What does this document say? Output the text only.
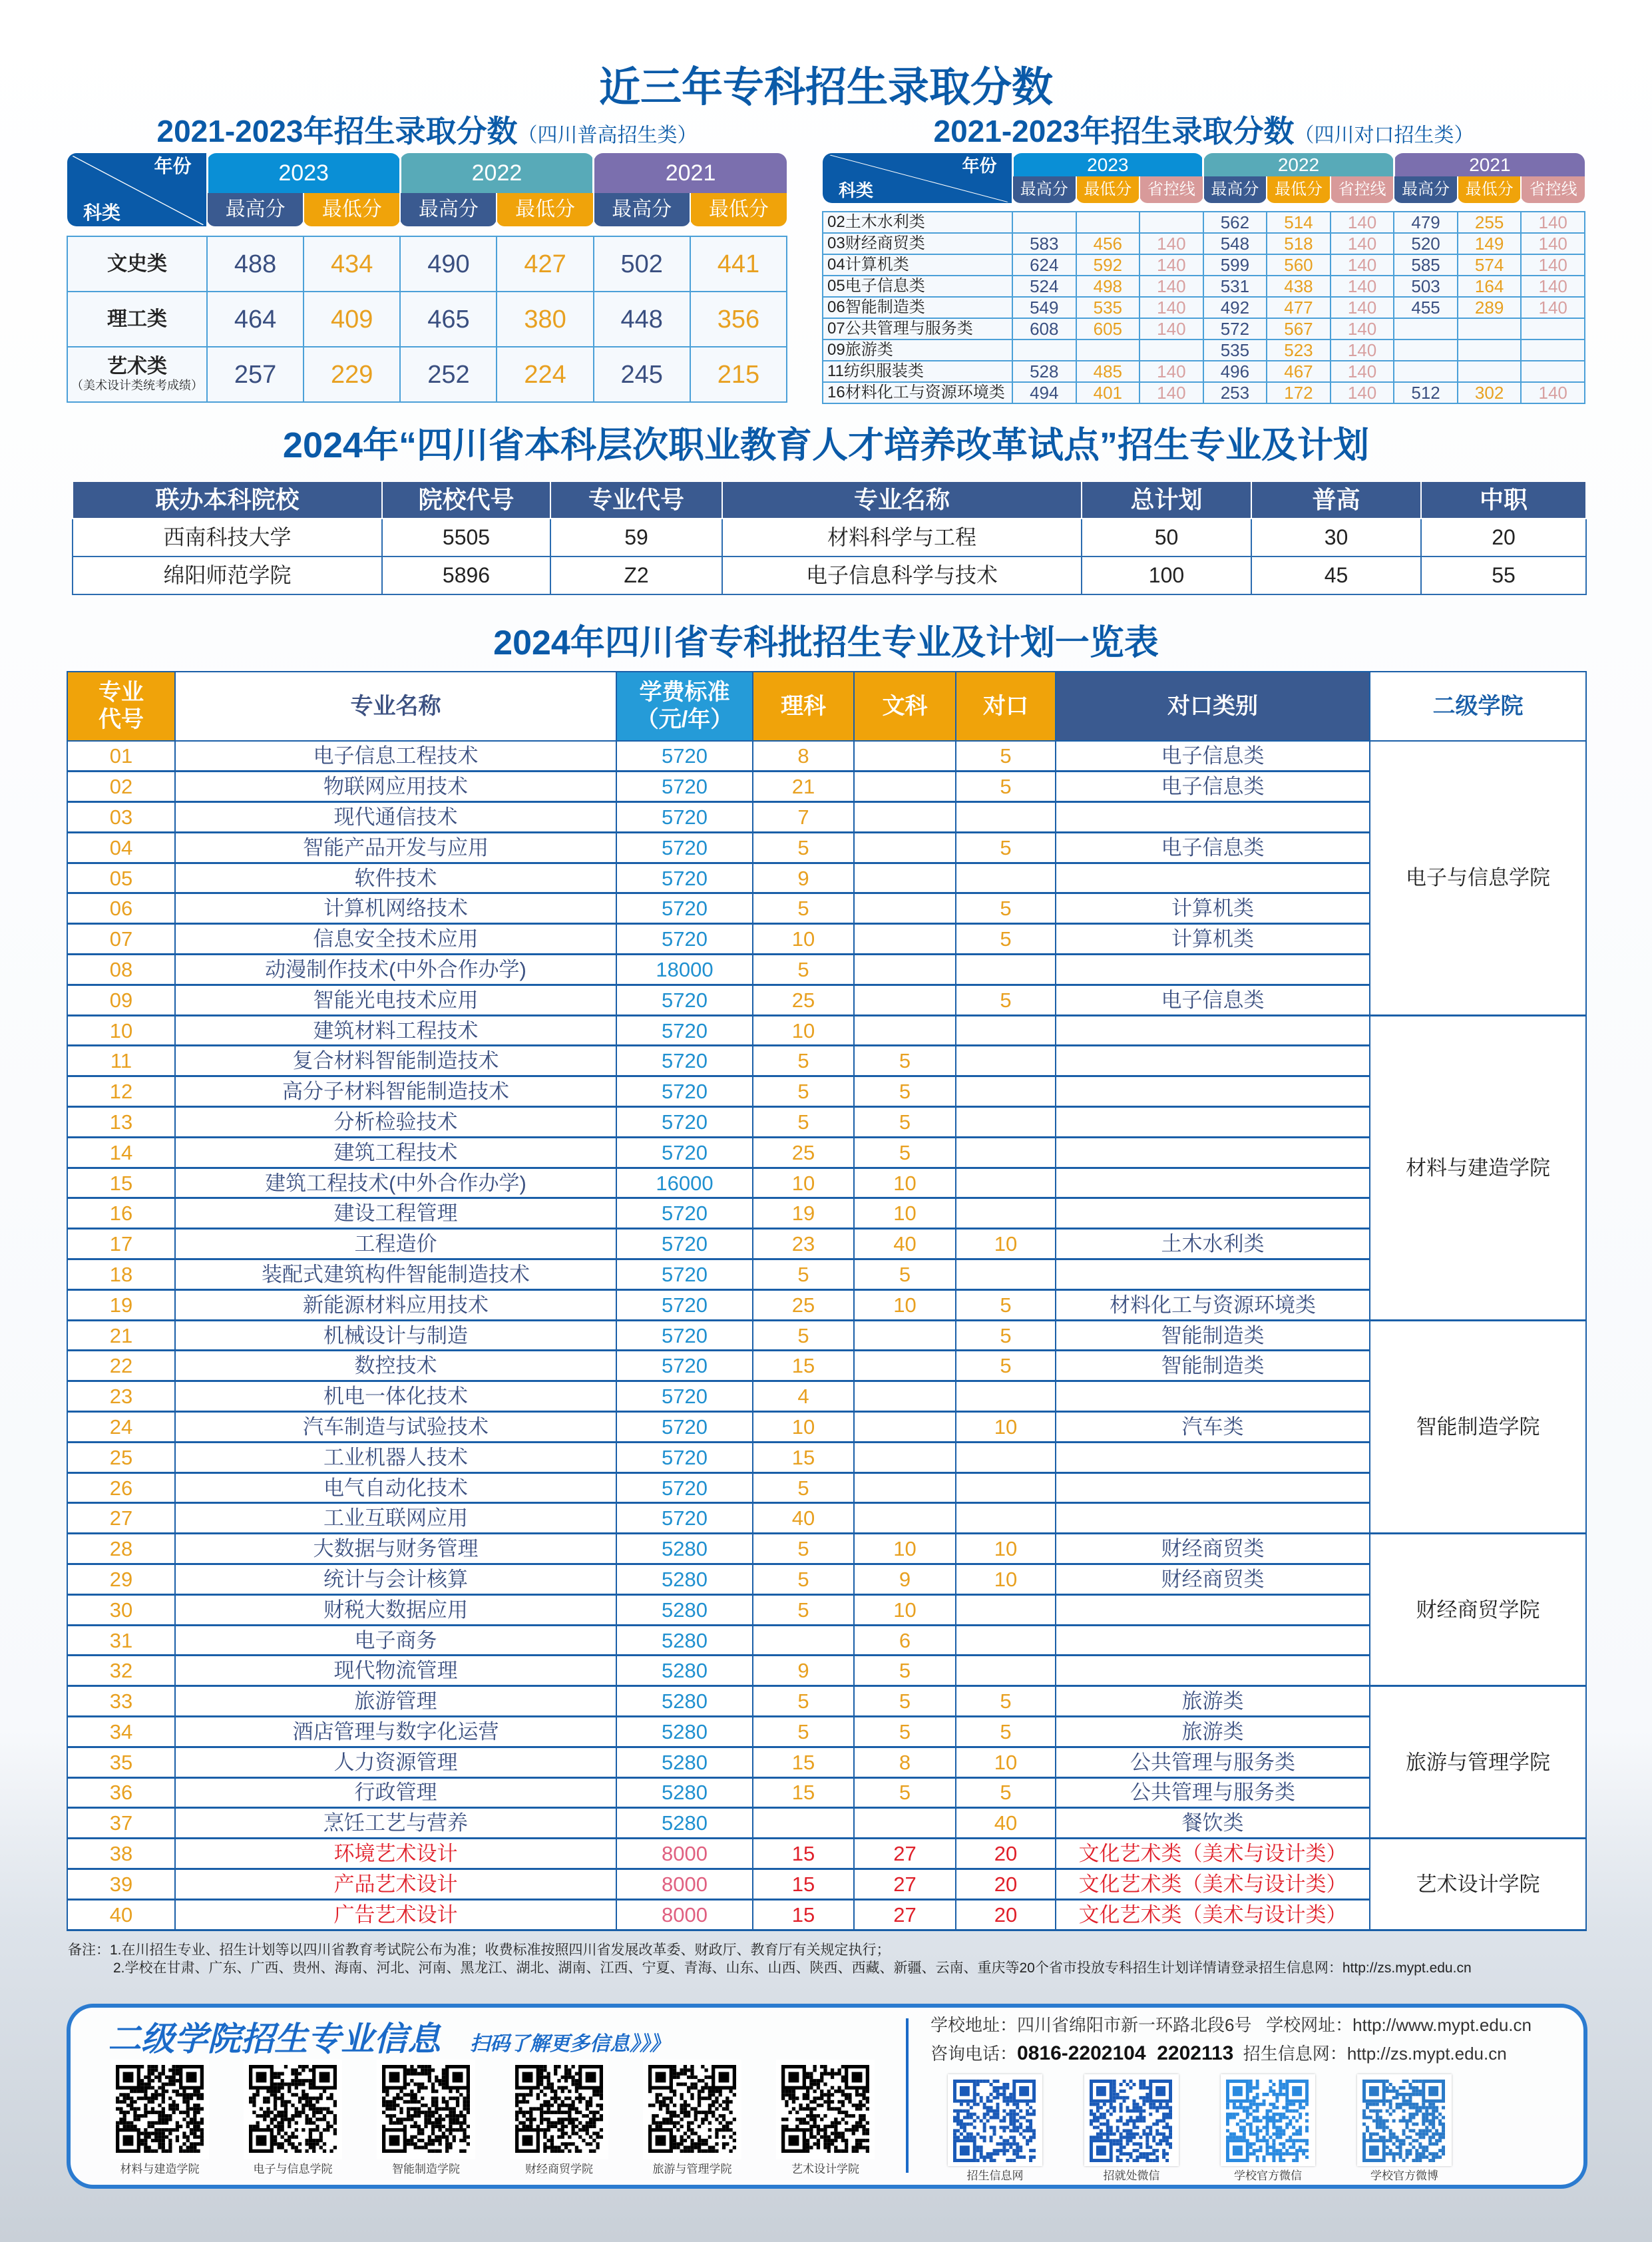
近三年专科招生录取分数
2021-2023年招生录取分数（四川普高招生类）
年份
科类	2023		2022		2021	
	最高分	最低分	最高分	最低分	最高分	最低分

文史类	488	434	490	427	502	441

理工类	464	409	465	380	448	356

艺术类
（美术设计类统考成绩）	257	229	252	224	245	215
2021-2023年招生录取分数（四川对口招生类）
年份
科类	2023			2022			2021		
	最高分	最低分	省控线	最高分	最低分	省控线	最高分	最低分	省控线

02土木水利类				562	514	140	479	255	140

03财经商贸类	583	456	140	548	518	140	520	149	140

04计算机类	624	592	140	599	560	140	585	574	140

05电子信息类	524	498	140	531	438	140	503	164	140

06智能制造类	549	535	140	492	477	140	455	289	140

07公共管理与服务类	608	605	140	572	567	140			

09旅游类				535	523	140			

11纺织服装类	528	485	140	496	467	140			

16材料化工与资源环境类	494	401	140	253	172	140	512	302	140
2024年“四川省本科层次职业教育人才培养改革试点”招生专业及计划
联办本科院校	院校代号	专业代号	专业名称	总计划	普高	中职
西南科技大学	5505	59	材料科学与工程	50	30	20
绵阳师范学院	5896	Z2	电子信息科学与技术	100	45	55
2024年四川省专科批招生专业及计划一览表
专业代号	专业名称	学费标准（元/年）	理科	文科	对口	对口类别	二级学院
01	电子信息工程技术	5720	8		5	电子信息类	电子与信息学院
02	物联网应用技术	5720	21		5	电子信息类	
03	现代通信技术	5720	7				
04	智能产品开发与应用	5720	5		5	电子信息类	
05	软件技术	5720	9				
06	计算机网络技术	5720	5		5	计算机类	
07	信息安全技术应用	5720	10		5	计算机类	
08	动漫制作技术(中外合作办学)	18000	5				
09	智能光电技术应用	5720	25		5	电子信息类	
10	建筑材料工程技术	5720	10				材料与建造学院
11	复合材料智能制造技术	5720	5	5			
12	高分子材料智能制造技术	5720	5	5			
13	分析检验技术	5720	5	5			
14	建筑工程技术	5720	25	5			
15	建筑工程技术(中外合作办学)	16000	10	10			
16	建设工程管理	5720	19	10			
17	工程造价	5720	23	40	10	土木水利类	
18	装配式建筑构件智能制造技术	5720	5	5			
19	新能源材料应用技术	5720	25	10	5	材料化工与资源环境类	
21	机械设计与制造	5720	5		5	智能制造类	智能制造学院
22	数控技术	5720	15		5	智能制造类	
23	机电一体化技术	5720	4				
24	汽车制造与试验技术	5720	10		10	汽车类	
25	工业机器人技术	5720	15				
26	电气自动化技术	5720	5				
27	工业互联网应用	5720	40				
28	大数据与财务管理	5280	5	10	10	财经商贸类	财经商贸学院
29	统计与会计核算	5280	5	9	10	财经商贸类	
30	财税大数据应用	5280	5	10			
31	电子商务	5280		6			
32	现代物流管理	5280	9	5			
33	旅游管理	5280	5	5	5	旅游类	旅游与管理学院
34	酒店管理与数字化运营	5280	5	5	5	旅游类	
35	人力资源管理	5280	15	8	10	公共管理与服务类	
36	行政管理	5280	15	5	5	公共管理与服务类	
37	烹饪工艺与营养	5280			40	餐饮类	
38	环境艺术设计	8000	15	27	20	文化艺术类（美术与设计类）	艺术设计学院
39	产品艺术设计	8000	15	27	20	文化艺术类（美术与设计类）	
40	广告艺术设计	8000	15	27	20	文化艺术类（美术与设计类）	
备注：1.在川招生专业、招生计划等以四川省教育考试院公布为准；收费标准按照四川省发展改革委、财政厅、教育厅有关规定执行；
2.学校在甘肃、广东、广西、贵州、海南、河北、河南、黑龙江、湖北、湖南、江西、宁夏、青海、山东、山西、陕西、西藏、新疆、云南、重庆等20个省市投放专科招生计划详情请登录招生信息网：http://zs.mypt.edu.cn
二级学院招生专业信息 扫码了解更多信息》》》
材料与建造学院	电子与信息学院	智能制造学院	财经商贸学院	旅游与管理学院	艺术设计学院
学校地址：四川省绵阳市新一环路北段6号 学校网址：http://www.mypt.edu.cn
咨询电话：0816-2202104  2202113 招生信息网：http://zs.mypt.edu.cn
招生信息网	招就处微信	学校官方微信	学校官方微博
